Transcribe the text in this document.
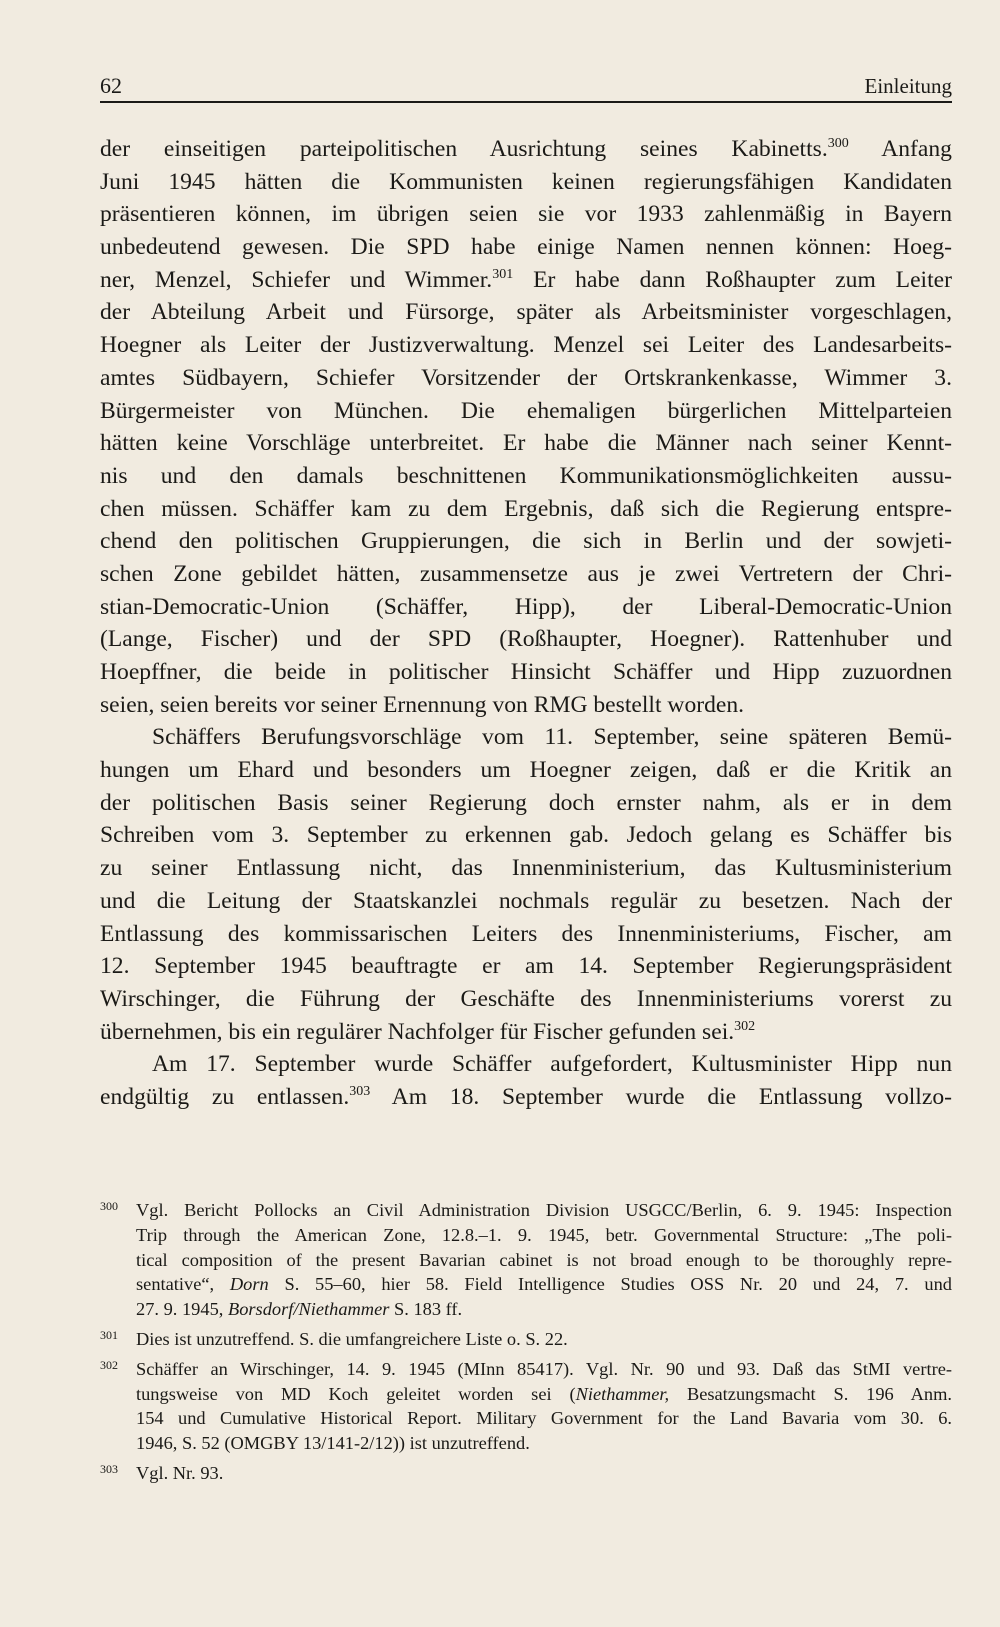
62	Einleitung

der einseitigen parteipolitischen Ausrichtung seines Kabinetts.$^{300}$ Anfang
Juni 1945 hätten die Kommunisten keinen regierungsfähigen Kandidaten
präsentieren können, im übrigen seien sie vor 1933 zahlenmäßig in Bayern
unbedeutend gewesen. Die SPD habe einige Namen nennen können: Hoeg-
ner, Menzel, Schiefer und Wimmer.$^{301}$ Er habe dann Roßhaupter zum Leiter
der Abteilung Arbeit und Fürsorge, später als Arbeitsminister vorgeschlagen,
Hoegner als Leiter der Justizverwaltung. Menzel sei Leiter des Landesarbeits-
amtes Südbayern, Schiefer Vorsitzender der Ortskrankenkasse, Wimmer 3.
Bürgermeister von München. Die ehemaligen bürgerlichen Mittelparteien
hätten keine Vorschläge unterbreitet. Er habe die Männer nach seiner Kennt-
nis und den damals beschnittenen Kommunikationsmöglichkeiten aussu-
chen müssen. Schäffer kam zu dem Ergebnis, daß sich die Regierung entspre-
chend den politischen Gruppierungen, die sich in Berlin und der sowjeti-
schen Zone gebildet hätten, zusammensetze aus je zwei Vertretern der Chri-
stian-Democratic-Union (Schäffer, Hipp), der Liberal-Democratic-Union
(Lange, Fischer) und der SPD (Roßhaupter, Hoegner). Rattenhuber und
Hoepffner, die beide in politischer Hinsicht Schäffer und Hipp zuzuordnen
seien, seien bereits vor seiner Ernennung von RMG bestellt worden.

Schäffers Berufungsvorschläge vom 11. September, seine späteren Bemü-
hungen um Ehard und besonders um Hoegner zeigen, daß er die Kritik an
der politischen Basis seiner Regierung doch ernster nahm, als er in dem
Schreiben vom 3. September zu erkennen gab. Jedoch gelang es Schäffer bis
zu seiner Entlassung nicht, das Innenministerium, das Kultusministerium
und die Leitung der Staatskanzlei nochmals regulär zu besetzen. Nach der
Entlassung des kommissarischen Leiters des Innenministeriums, Fischer, am
12. September 1945 beauftragte er am 14. September Regierungspräsident
Wirschinger, die Führung der Geschäfte des Innenministeriums vorerst zu
übernehmen, bis ein regulärer Nachfolger für Fischer gefunden sei.$^{302}$

Am 17. September wurde Schäffer aufgefordert, Kultusminister Hipp nun
endgültig zu entlassen.$^{303}$ Am 18. September wurde die Entlassung vollzo-

300 Vgl. Bericht Pollocks an Civil Administration Division USGCC/Berlin, 6. 9. 1945: Inspection
Trip through the American Zone, 12.8.–1. 9. 1945, betr. Governmental Structure: „The poli-
tical composition of the present Bavarian cabinet is not broad enough to be thoroughly repre-
sentative“, Dorn S. 55–60, hier 58. Field Intelligence Studies OSS Nr. 20 und 24, 7. und
27. 9. 1945, Borsdorf/Niethammer S. 183 ff.
301 Dies ist unzutreffend. S. die umfangreichere Liste o. S. 22.
302 Schäffer an Wirschinger, 14. 9. 1945 (MInn 85417). Vgl. Nr. 90 und 93. Daß das StMI vertre-
tungsweise von MD Koch geleitet worden sei (Niethammer, Besatzungsmacht S. 196 Anm.
154 und Cumulative Historical Report. Military Government for the Land Bavaria vom 30. 6.
1946, S. 52 (OMGBY 13/141-2/12)) ist unzutreffend.
303 Vgl. Nr. 93.
